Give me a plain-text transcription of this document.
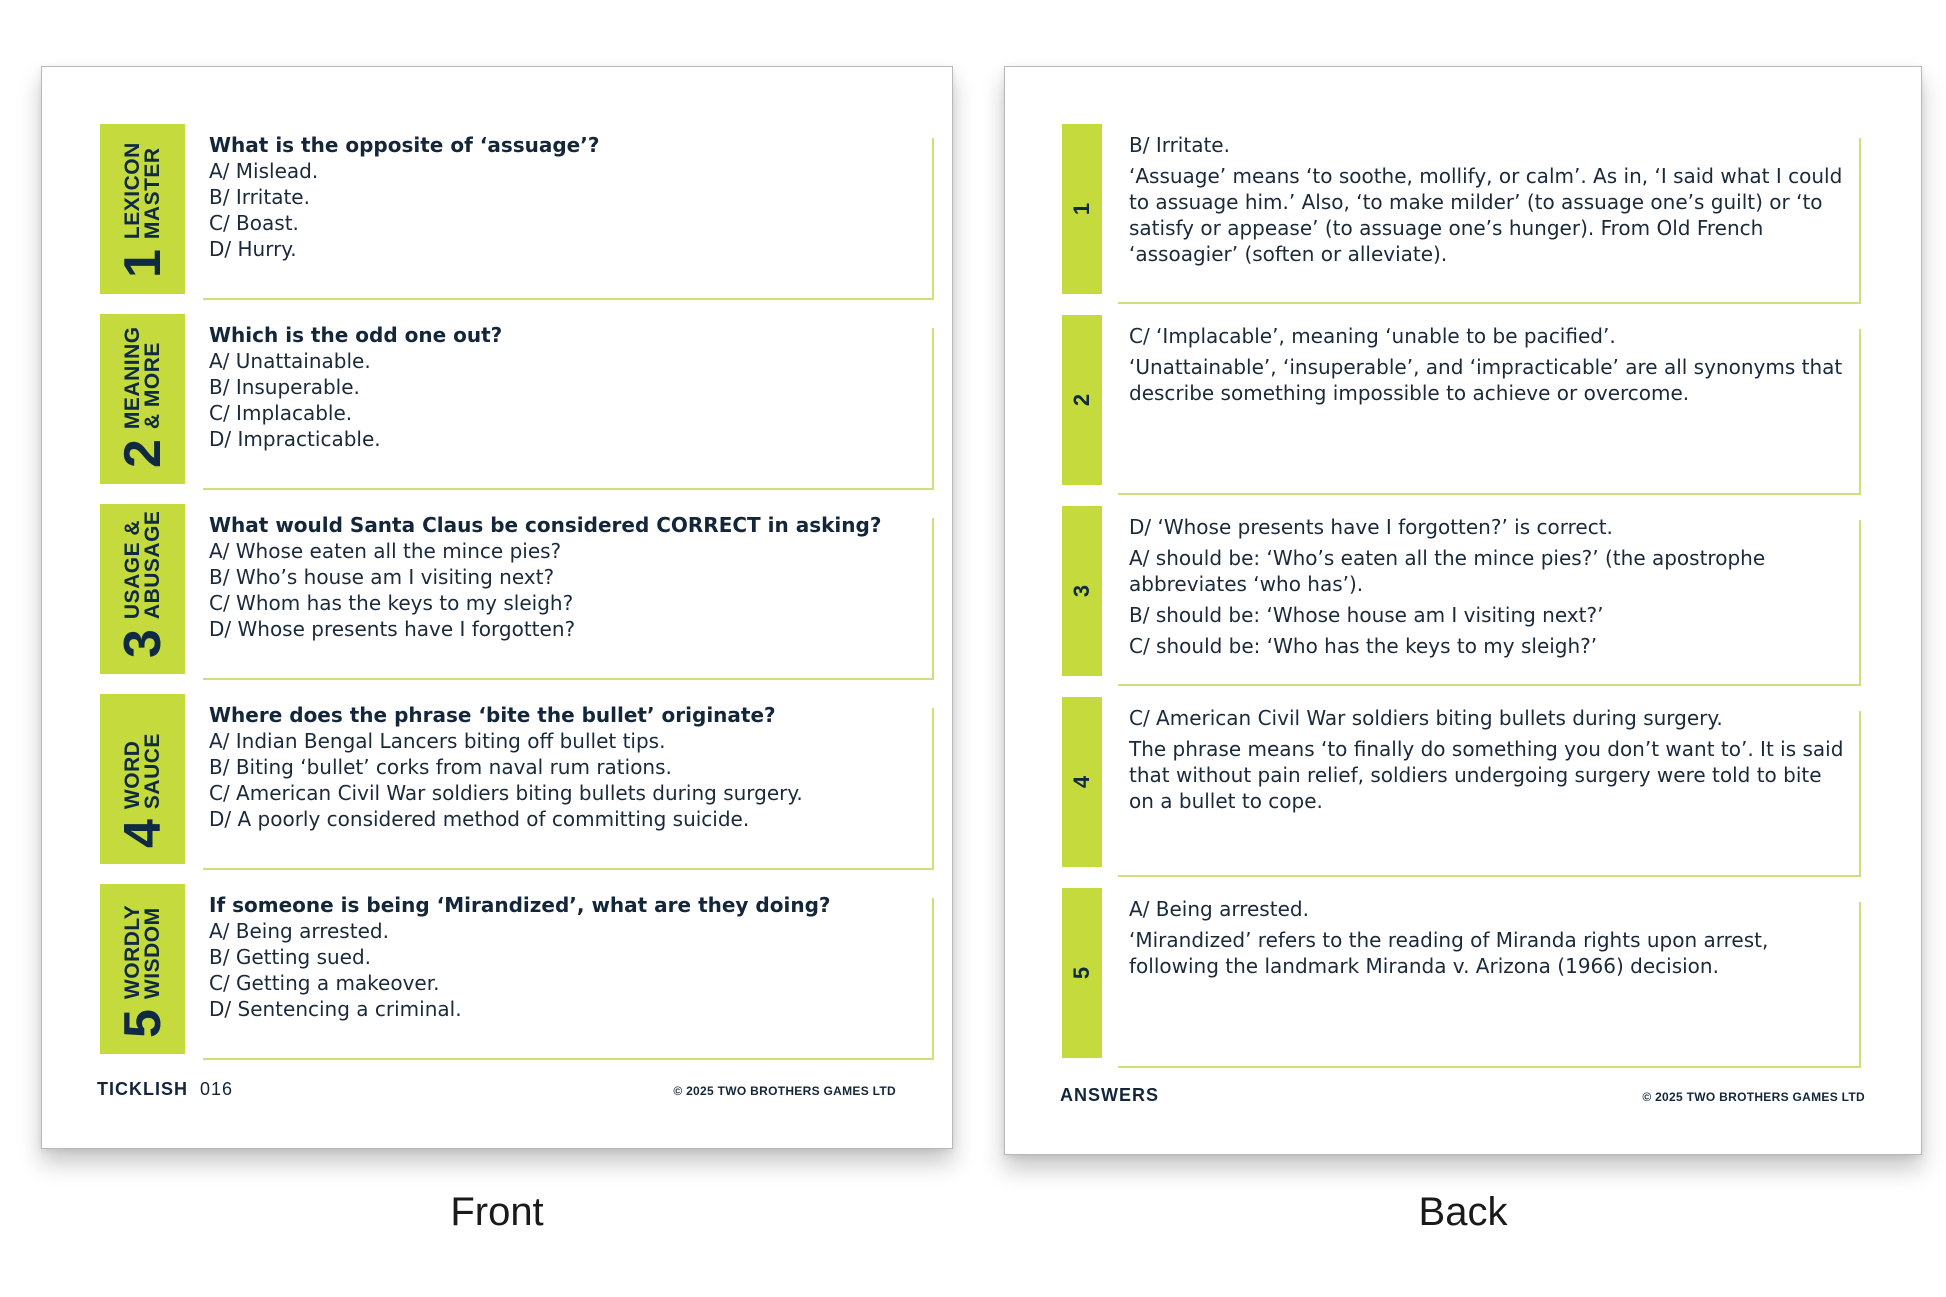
1
LEXICON
MASTER

What is the opposite of ‘assuage’?

A/ Mislead.

B/ Irritate.

C/ Boast.

D/ Hurry.

2
MEANING
& MORE

Which is the odd one out?

A/ Unattainable.

B/ Insuperable.

C/ Implacable.

D/ Impracticable.

3
USAGE &
ABUSAGE What would Santa Claus be considered CORRECT in asking?

A/ Whose eaten all the mince pies?

B/ Who’s house am I visiting next?

C/ Whom has the keys to my sleigh?

D/ Whose presents have I forgotten?

4
WORD
SAUCE

Where does the phrase ‘bite the bullet’ originate?

A/ Indian Bengal Lancers biting off bullet tips.

B/ Biting ‘bullet’ corks from naval rum rations.

C/ American Civil War soldiers biting bullets during surgery.

D/ A poorly considered method of committing suicide.

5
WORDLY
WISDOM

If someone is being ‘Mirandized’, what are they doing?

A/ Being arrested.

B/ Getting sued.

C/ Getting a makeover.

D/ Sentencing a criminal.

TICKLISH 016	© 2025 TWO BROTHERS GAMES LTD
1

B/ Irritate.

‘Assuage’ means ‘to soothe, mollify, or calm’. As in, ‘I said what I could to assuage him.’ Also, ‘to make milder’ (to assuage one’s guilt) or ‘to satisfy or appease’ (to assuage one’s hunger). From Old French ‘assoagier’ (soften or alleviate).

2

C/ ‘Implacable’, meaning ‘unable to be pacified’.

‘Unattainable’, ‘insuperable’, and ‘impracticable’ are all synonyms that describe something impossible to achieve or overcome.

3

D/ ‘Whose presents have I forgotten?’ is correct.

A/ should be: ‘Who’s eaten all the mince pies?’ (the apostrophe abbreviates ‘who has’).

B/ should be: ‘Whose house am I visiting next?’

C/ should be: ‘Who has the keys to my sleigh?’

4

C/ American Civil War soldiers biting bullets during surgery.

The phrase means ‘to finally do something you don’t want to’. It is said that without pain relief, soldiers undergoing surgery were told to bite on a bullet to cope.

5

A/ Being arrested.

‘Mirandized’ refers to the reading of Miranda rights upon arrest, following the landmark Miranda v. Arizona (1966) decision.

ANSWERS	© 2025 TWO BROTHERS GAMES LTD
Front	Back
